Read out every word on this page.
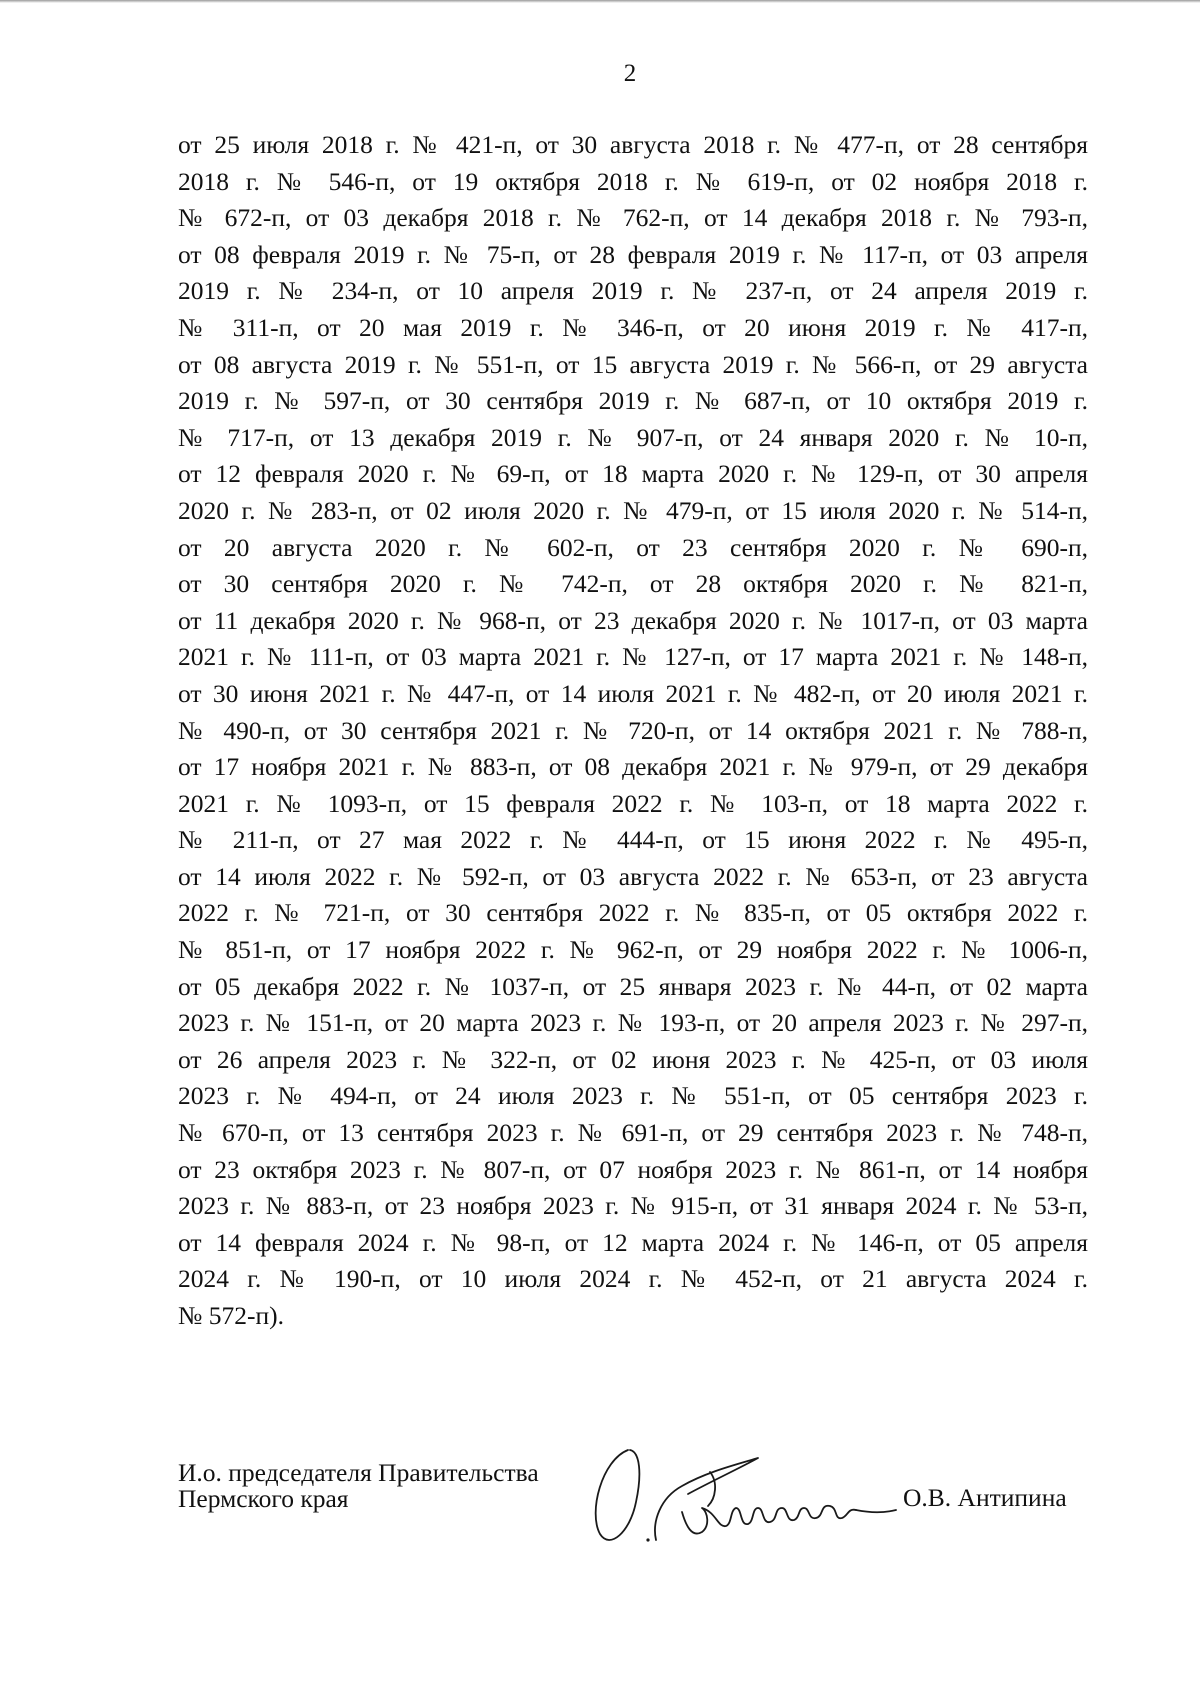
2
от 25 июля 2018 г. № 421-п, от 30 августа 2018 г. № 477-п, от 28 сентября
2018 г. № 546-п, от 19 октября 2018 г. № 619-п, от 02 ноября 2018 г.
№ 672-п, от 03 декабря 2018 г. № 762-п, от 14 декабря 2018 г. № 793-п,
от 08 февраля 2019 г. № 75-п, от 28 февраля 2019 г. № 117-п, от 03 апреля
2019 г. № 234-п, от 10 апреля 2019 г. № 237-п, от 24 апреля 2019 г.
№ 311-п, от 20 мая 2019 г. № 346-п, от 20 июня 2019 г. № 417-п,
от 08 августа 2019 г. № 551-п, от 15 августа 2019 г. № 566-п, от 29 августа
2019 г. № 597-п, от 30 сентября 2019 г. № 687-п, от 10 октября 2019 г.
№ 717-п, от 13 декабря 2019 г. № 907-п, от 24 января 2020 г. № 10-п,
от 12 февраля 2020 г. № 69-п, от 18 марта 2020 г. № 129-п, от 30 апреля
2020 г. № 283-п, от 02 июля 2020 г. № 479-п, от 15 июля 2020 г. № 514-п,
от 20 августа 2020 г. № 602-п, от 23 сентября 2020 г. № 690-п,
от 30 сентября 2020 г. № 742-п, от 28 октября 2020 г. № 821-п,
от 11 декабря 2020 г. № 968-п, от 23 декабря 2020 г. № 1017-п, от 03 марта
2021 г. № 111-п, от 03 марта 2021 г. № 127-п, от 17 марта 2021 г. № 148-п,
от 30 июня 2021 г. № 447-п, от 14 июля 2021 г. № 482-п, от 20 июля 2021 г.
№ 490-п, от 30 сентября 2021 г. № 720-п, от 14 октября 2021 г. № 788-п,
от 17 ноября 2021 г. № 883-п, от 08 декабря 2021 г. № 979-п, от 29 декабря
2021 г. № 1093-п, от 15 февраля 2022 г. № 103-п, от 18 марта 2022 г.
№ 211-п, от 27 мая 2022 г. № 444-п, от 15 июня 2022 г. № 495-п,
от 14 июля 2022 г. № 592-п, от 03 августа 2022 г. № 653-п, от 23 августа
2022 г. № 721-п, от 30 сентября 2022 г. № 835-п, от 05 октября 2022 г.
№ 851-п, от 17 ноября 2022 г. № 962-п, от 29 ноября 2022 г. № 1006-п,
от 05 декабря 2022 г. № 1037-п, от 25 января 2023 г. № 44-п, от 02 марта
2023 г. № 151-п, от 20 марта 2023 г. № 193-п, от 20 апреля 2023 г. № 297-п,
от 26 апреля 2023 г. № 322-п, от 02 июня 2023 г. № 425-п, от 03 июля
2023 г. № 494-п, от 24 июля 2023 г. № 551-п, от 05 сентября 2023 г.
№ 670-п, от 13 сентября 2023 г. № 691-п, от 29 сентября 2023 г. № 748-п,
от 23 октября 2023 г. № 807-п, от 07 ноября 2023 г. № 861-п, от 14 ноября
2023 г. № 883-п, от 23 ноября 2023 г. № 915-п, от 31 января 2024 г. № 53-п,
от 14 февраля 2024 г. № 98-п, от 12 марта 2024 г. № 146-п, от 05 апреля
2024 г. № 190-п, от 10 июля 2024 г. № 452-п, от 21 августа 2024 г.
№ 572-п).
И.о. председателя Правительства
Пермского края	О.В. Антипина
